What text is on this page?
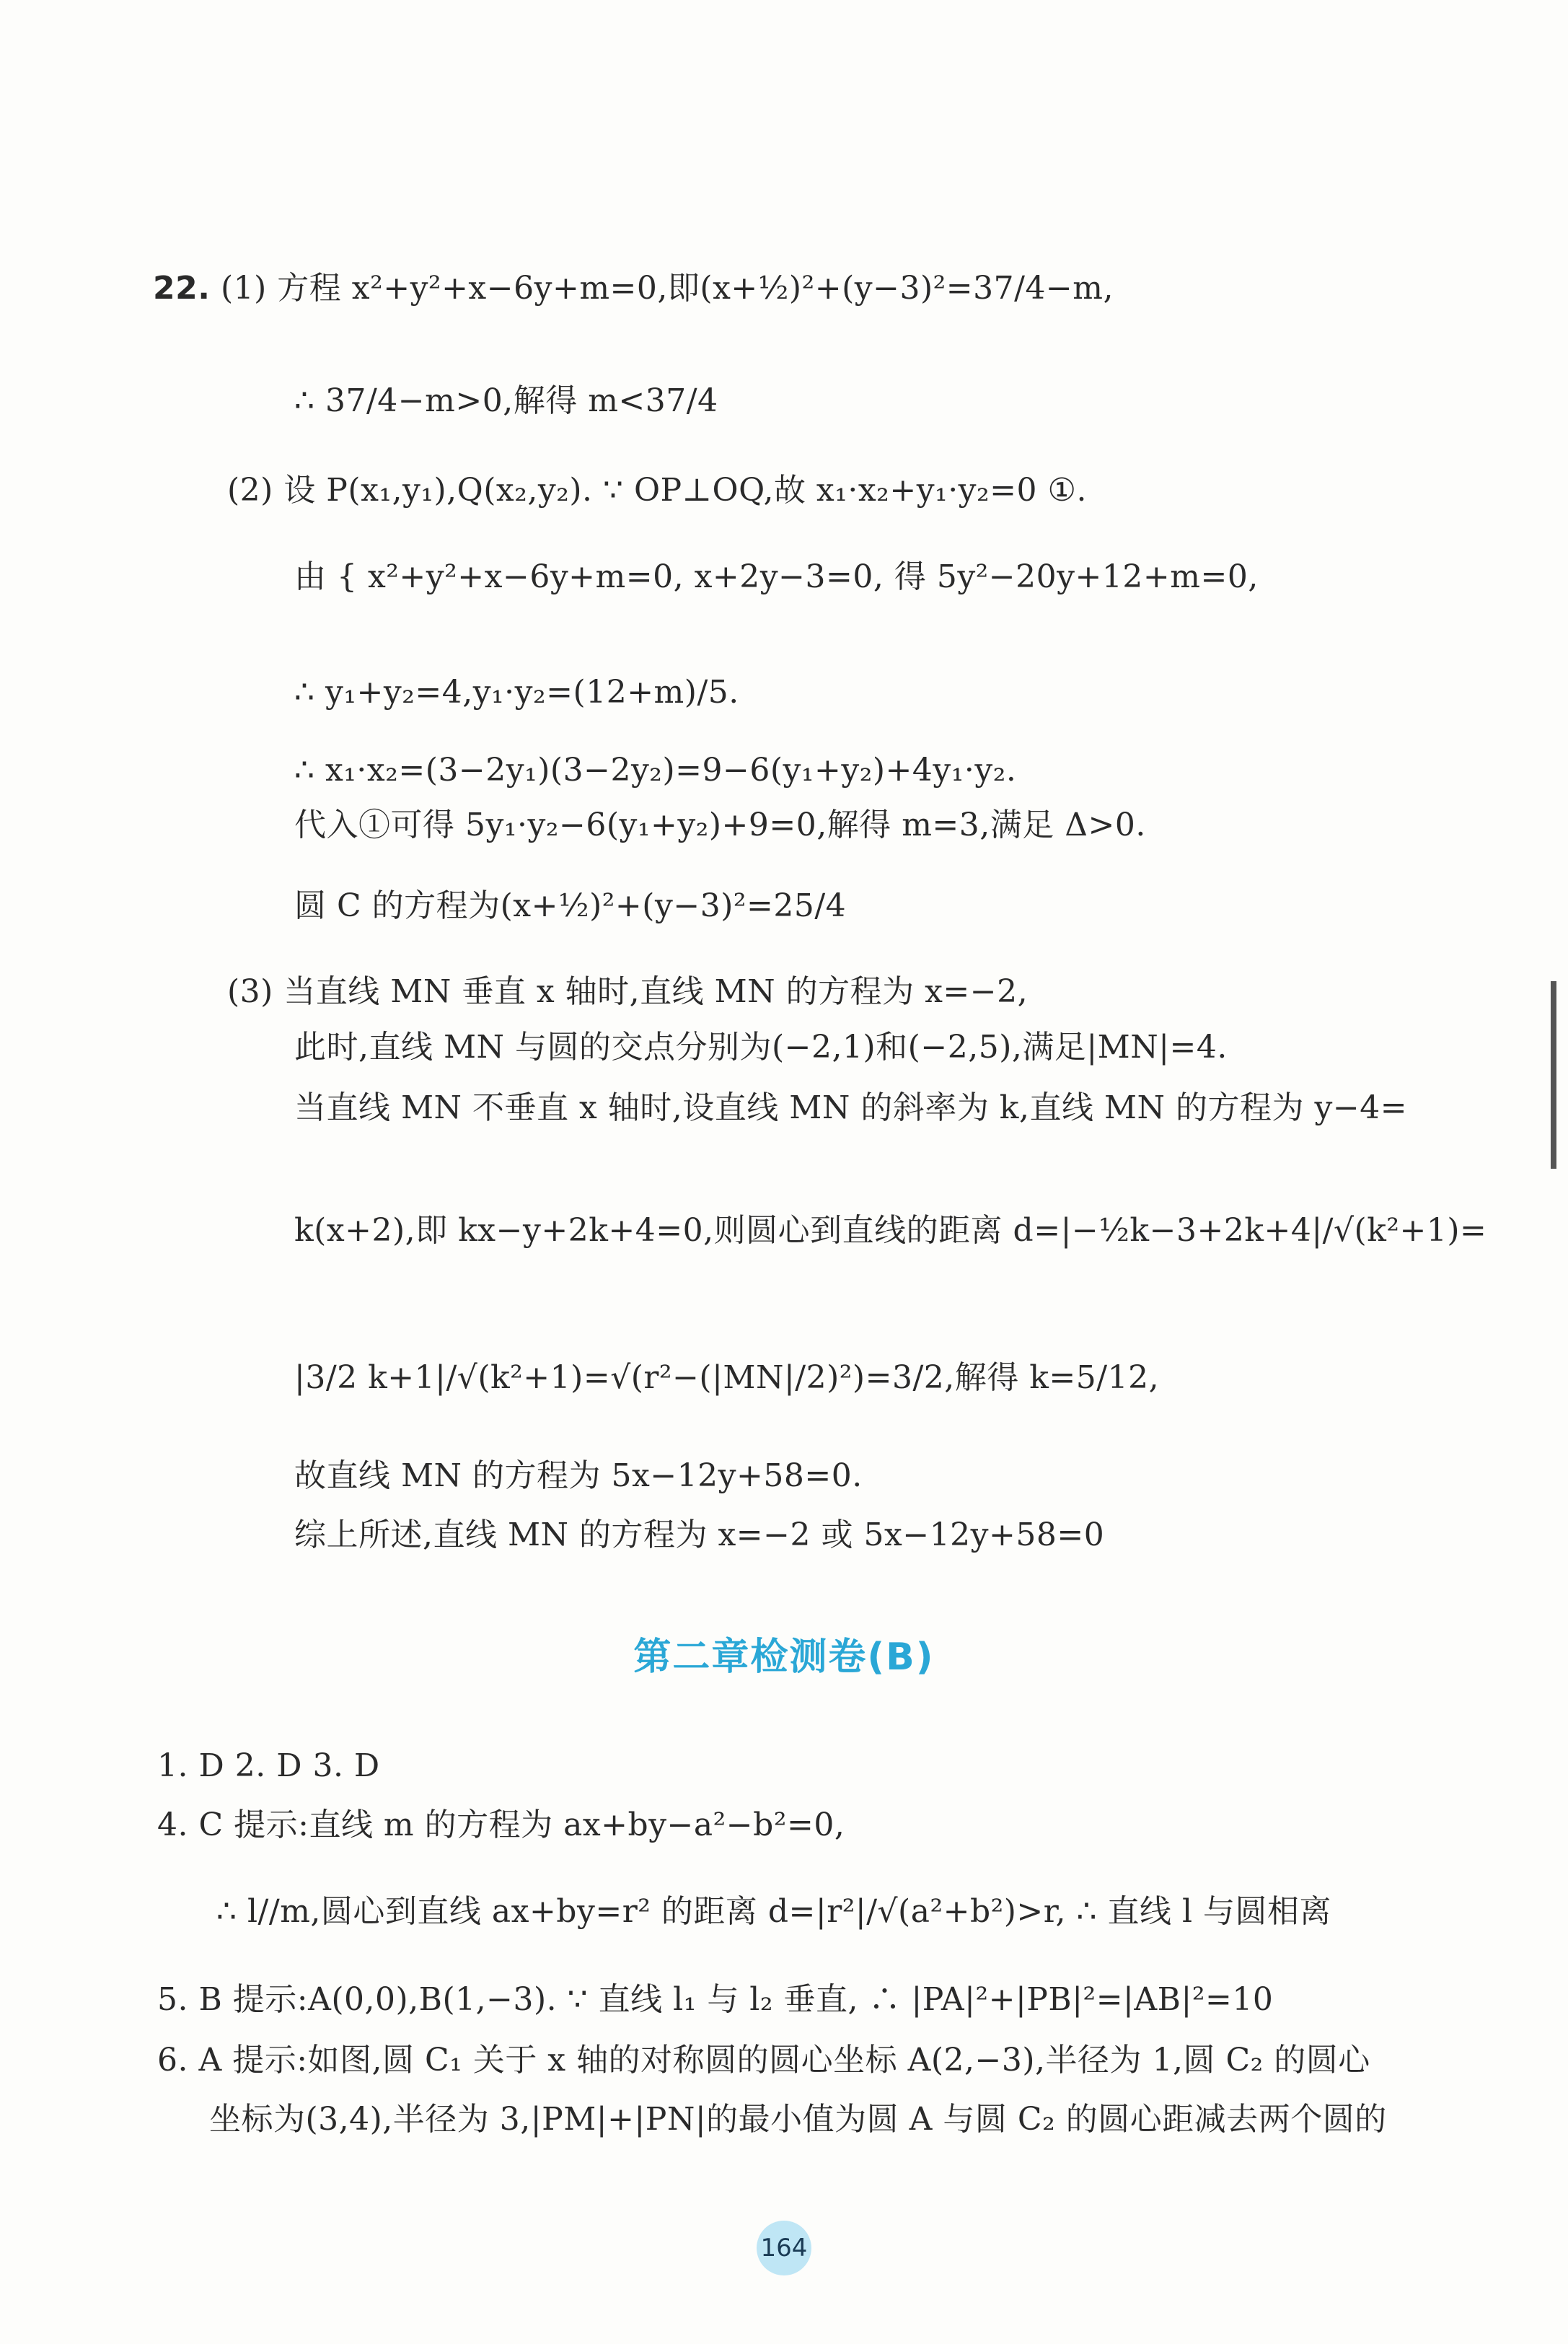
22. (1) 方程 x²+y²+x−6y+m=0,即(x+½)²+(y−3)²=37/4−m,
∴ 37/4−m>0,解得 m<37/4
(2) 设 P(x₁,y₁),Q(x₂,y₂). ∵ OP⊥OQ,故 x₁·x₂+y₁·y₂=0 ①.
由 { x²+y²+x−6y+m=0, x+2y−3=0, 得 5y²−20y+12+m=0,
∴ y₁+y₂=4,y₁·y₂=(12+m)/5.
∴ x₁·x₂=(3−2y₁)(3−2y₂)=9−6(y₁+y₂)+4y₁·y₂.
代入①可得 5y₁·y₂−6(y₁+y₂)+9=0,解得 m=3,满足 Δ>0.
圆 C 的方程为(x+½)²+(y−3)²=25/4
(3) 当直线 MN 垂直 x 轴时,直线 MN 的方程为 x=−2,
此时,直线 MN 与圆的交点分别为(−2,1)和(−2,5),满足|MN|=4.
当直线 MN 不垂直 x 轴时,设直线 MN 的斜率为 k,直线 MN 的方程为 y−4=
k(x+2),即 kx−y+2k+4=0,则圆心到直线的距离 d=|−½k−3+2k+4|/√(k²+1)=
|3/2 k+1|/√(k²+1)=√(r²−(|MN|/2)²)=3/2,解得 k=5/12,
故直线 MN 的方程为 5x−12y+58=0.
综上所述,直线 MN 的方程为 x=−2 或 5x−12y+58=0
第二章检测卷(B)
1. D 2. D 3. D
4. C 提示:直线 m 的方程为 ax+by−a²−b²=0,
∴ l//m,圆心到直线 ax+by=r² 的距离 d=|r²|/√(a²+b²)>r, ∴ 直线 l 与圆相离
5. B 提示:A(0,0),B(1,−3). ∵ 直线 l₁ 与 l₂ 垂直, ∴ |PA|²+|PB|²=|AB|²=10
6. A 提示:如图,圆 C₁ 关于 x 轴的对称圆的圆心坐标 A(2,−3),半径为 1,圆 C₂ 的圆心
坐标为(3,4),半径为 3,|PM|+|PN|的最小值为圆 A 与圆 C₂ 的圆心距减去两个圆的
164
